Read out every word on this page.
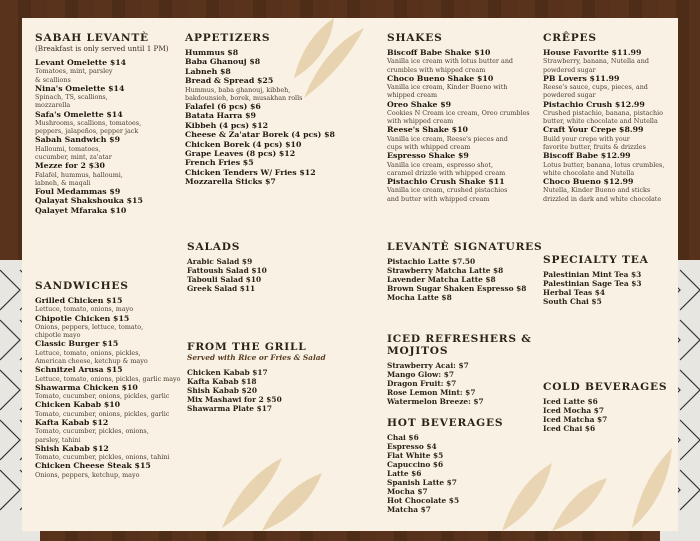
SABAH LEVANTÈ
(Breakfast is only served until 1 PM)
Levant Omelette $14
Tomatoes, mint, parsley
& scallions
Nina's Omelette $14
Spinach, TS, scallions,
mozzarella
Safa's Omelette $14
Mushrooms, scallions, tomatoes,
peppers, jalapeños, pepper jack
Sabah Sandwich $9
Halloumi, tomatoes,
cucumber, mint, za'atar
Mezze for 2 $30
Falafel, hummus, halloumi,
labneh, & maqali
Foul Medammas $9
Qalayat Shakshouka $15
Qalayet Mfaraka $10
SANDWICHES
Grilled Chicken $15
Lettuce, tomato, onions, mayo
Chipotle Chicken $15
Onions, peppers, lettuce, tomato,
chipotle mayo
Classic Burger $15
Lettuce, tomato, onions, pickles,
American cheese, ketchup & mayo
Schnitzel Arusa $15
Lettuce, tomato, onions, pickles, garlic mayo
Shawarma Chicken $10
Tomato, cucumber, onions, pickles, garlic
Chicken Kabab $10
Tomato, cucumber, onions, pickles, garlic
Kafta Kabab $12
Tomato, cucumber, pickles, onions,
parsley, tahini
Shish Kabab $12
Tomato, cucumber, pickles, onions, tahini
Chicken Cheese Steak $15
Onions, peppers, ketchup, mayo
APPETIZERS
Hummus $8
Baba Ghanouj $8
Labneh $8
Bread & Spread $25
Hummus, baba ghanouj, kibbeh,
bakdounsieh, borek, musakhan rolls
Falafel (6 pcs) $6
Batata Harra $9
Kibbeh (4 pcs) $12
Cheese & Za'atar Borek (4 pcs) $8
Chicken Borek (4 pcs) $10
Grape Leaves (8 pcs) $12
French Fries $5
Chicken Tenders W/ Fries $12
Mozzarella Sticks $7
SALADS
Arabic Salad $9
Fattoush Salad $10
Tabouli Salad $10
Greek Salad $11
FROM THE GRILL
Served with Rice or Fries & Salad
Chicken Kabab $17
Kafta Kabab $18
Shish Kabab $20
Mix Mashawi for 2 $50
Shawarma Plate $17
SHAKES
Biscoff Babe Shake $10
Vanilla ice cream with lotus butter and
crumbles with whipped cream
Choco Bueno Shake $10
Vanilla ice cream, Kinder Bueno with
whipped cream
Oreo Shake $9
Cookies N Cream ice cream, Oreo crumbles
with whipped cream
Reese's Shake $10
Vanilla ice cream, Reese's pieces and
cups with whipped cream
Espresso Shake $9
Vanilla ice cream, espresso shot,
caramel drizzle with whipped cream
Pistachio Crush Shake $11
Vanilla ice cream, crushed pistachios
and butter with whipped cream
LEVANTÈ SIGNATURES
Pistachio Latte $7.50
Strawberry Matcha Latte $8
Lavender Matcha Latte $8
Brown Sugar Shaken Espresso $8
Mocha Latte $8
ICED REFRESHERS & MOJITOS
Strawberry Acai: $7
Mango Glow: $7
Dragon Fruit: $7
Rose Lemon Mint: $7
Watermelon Breeze: $7
HOT BEVERAGES
Chai $6
Espresso $4
Flat White $5
Capuccino $6
Latte $6
Spanish Latte $7
Mocha $7
Hot Chocolate $5
Matcha $7
CRÊPES
House Favorite $11.99
Strawberry, banana, Nutella and
powdered sugar
PB Lovers $11.99
Reese's sauce, cups, pieces, and
powdered sugar
Pistachio Crush $12.99
Crushed pistachio, banana, pistachio
butter, white chocolate and Nutella
Craft Your Crepe $8.99
Build your crepe with your
favorite butter, fruits & drizzles
Biscoff Babe $12.99
Lotus butter, banana, lotus crumbles,
white chocolate and Nutella
Choco Bueno $12.99
Nutella, Kinder Bueno and sticks
drizzled in dark and white chocolate
SPECIALTY TEA
Palestinian Mint Tea $3
Palestinian Sage Tea $3
Herbal Teas $4
South Chai $5
COLD BEVERAGES
Iced Latte $6
Iced Mocha $7
Iced Matcha $7
Iced Chai $6
